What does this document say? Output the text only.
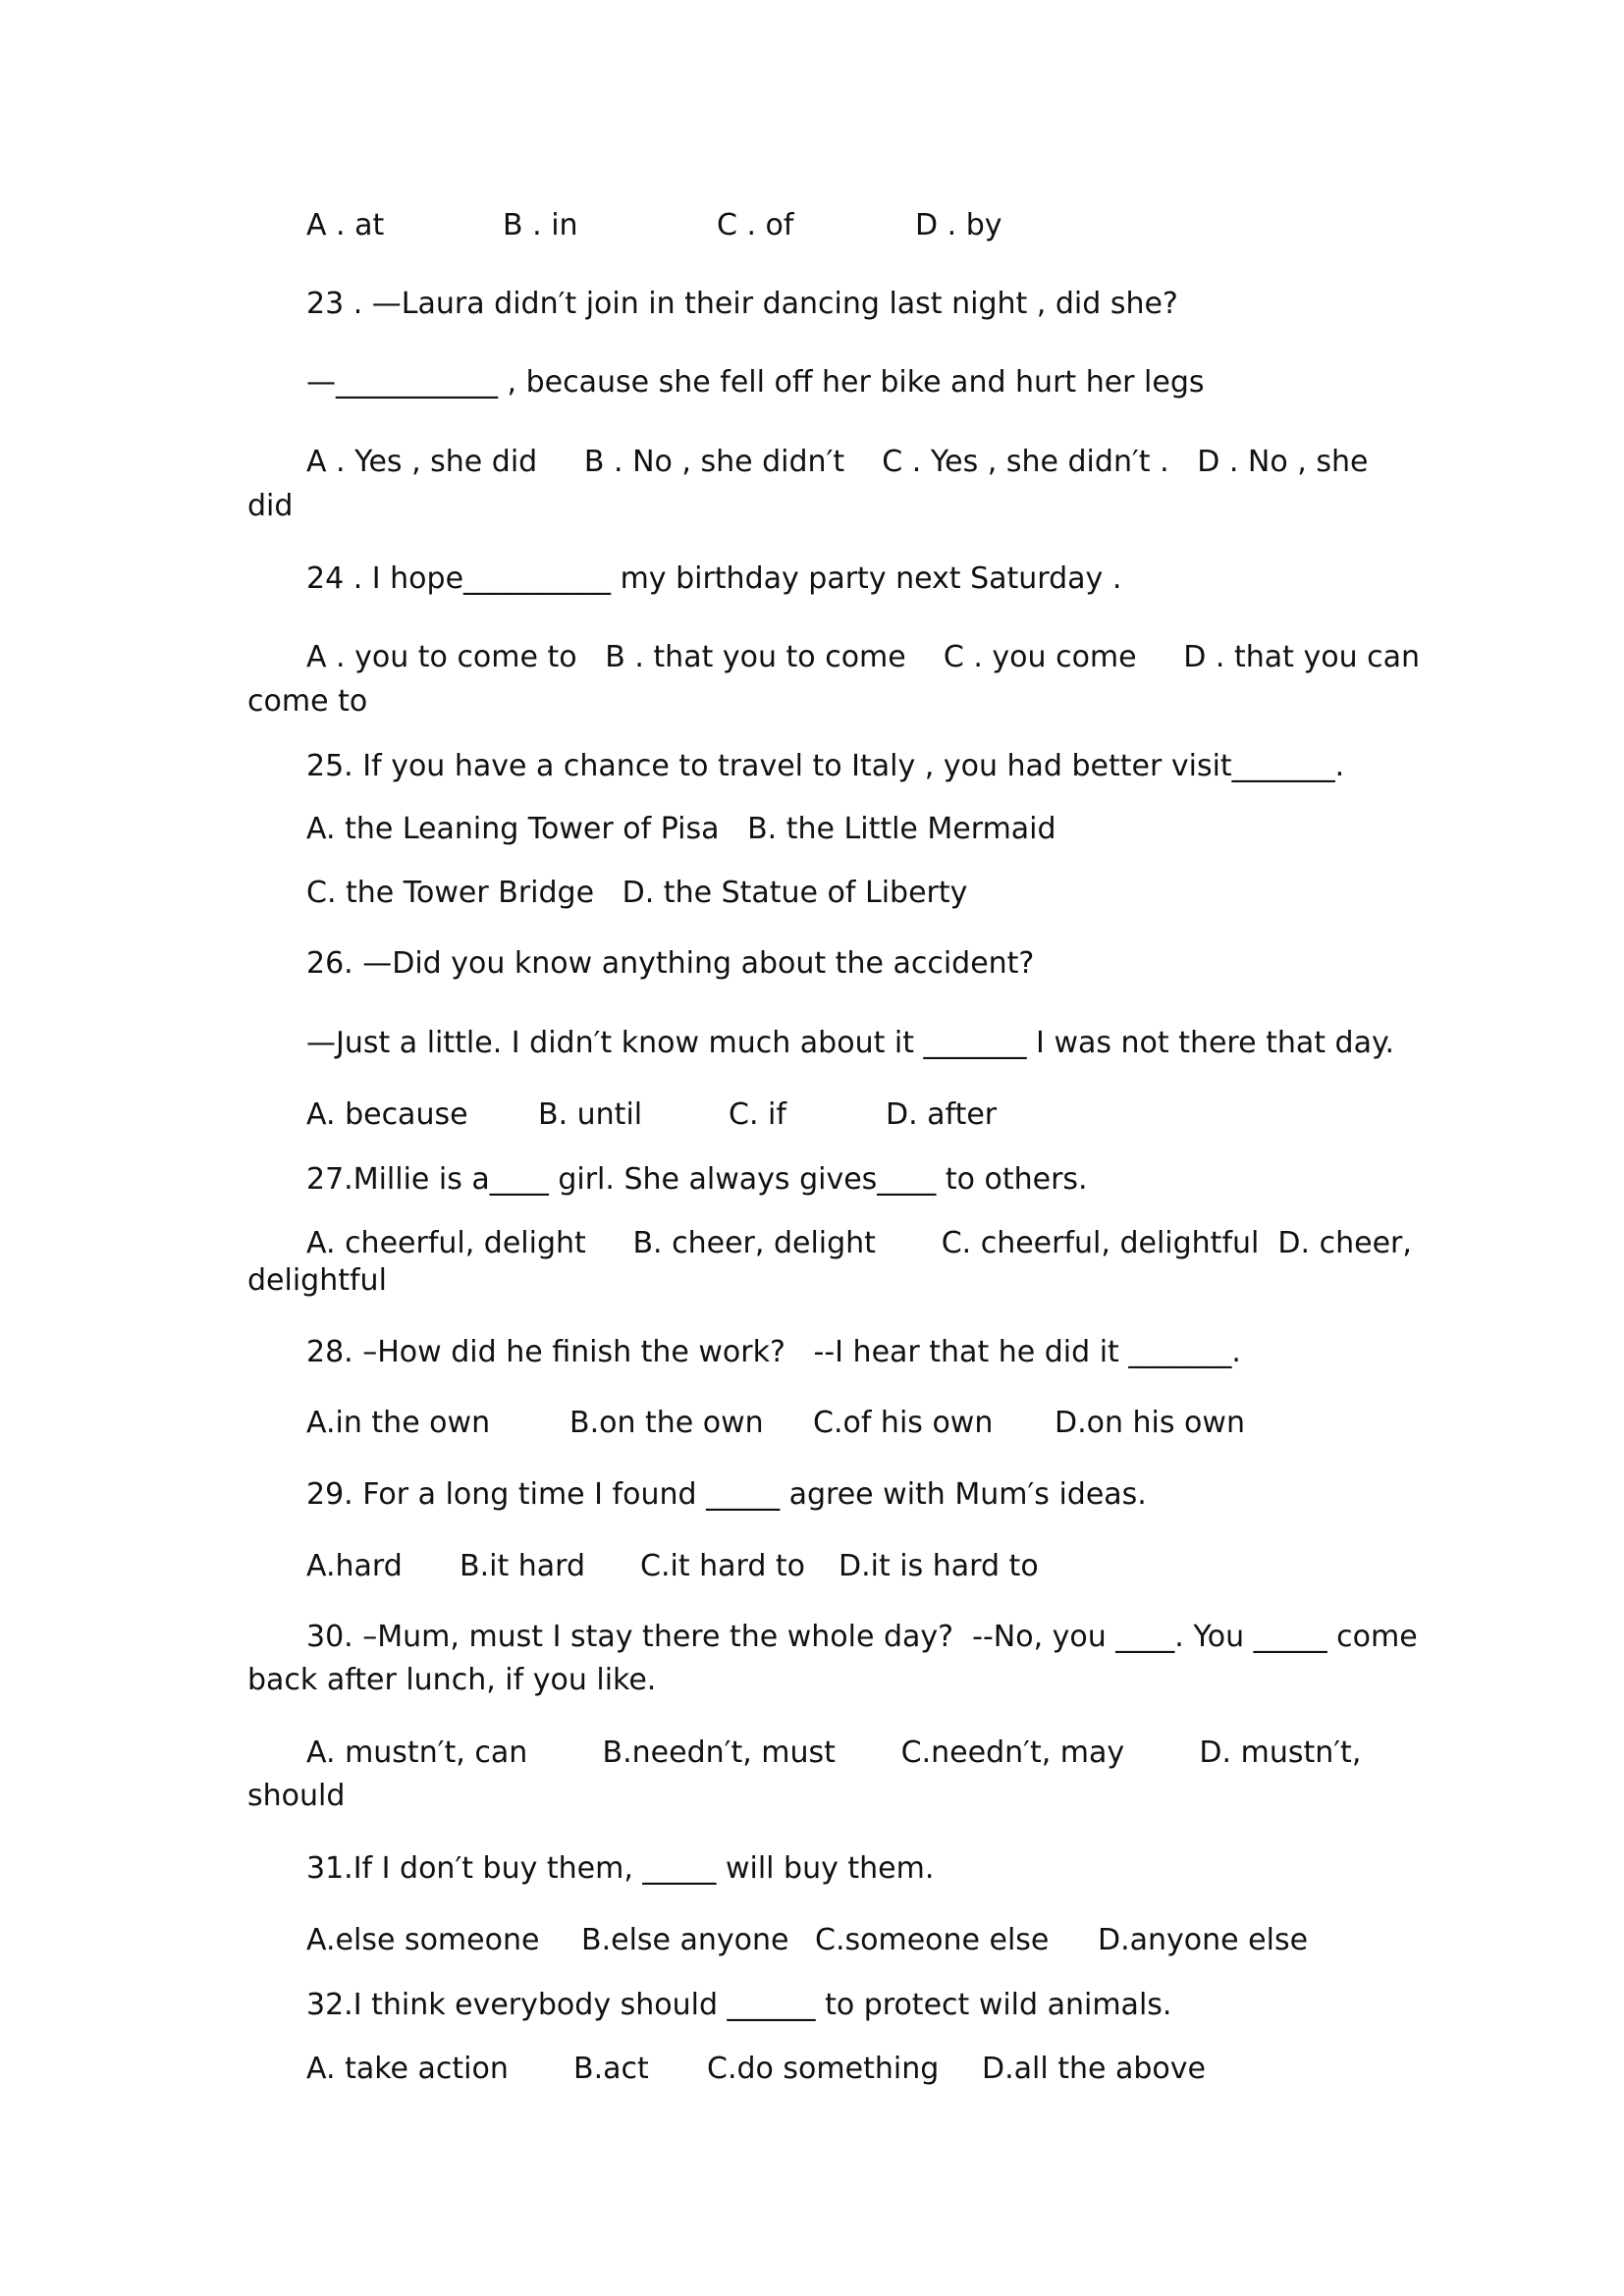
A . at	B . in	C . of	D . by
23 . —Laura didn′t join in their dancing last night , did she?
—___________ , because she fell off her bike and hurt her legs
A . Yes , she did     B . No , she didn′t    C . Yes , she didn′t .   D . No , she
did
24 . I hope__________ my birthday party next Saturday .
A . you to come to   B . that you to come    C . you come     D . that you can
come to
25. If you have a chance to travel to Italy , you had better visit_______.
A. the Leaning Tower of Pisa   B. the Little Mermaid
C. the Tower Bridge   D. the Statue of Liberty
26. —Did you know anything about the accident?
—Just a little. I didn′t know much about it _______ I was not there that day.
A. because B. until	C. if	D. after
27.Millie is a____ girl. She always gives____ to others.
A. cheerful, delight     B. cheer, delight       C. cheerful, delightful  D. cheer,
delightful
28. –How did he finish the work?   --I hear that he did it _______.
A.in the own	B.on the own C.of his own D.on his own
29. For a long time I found _____ agree with Mum′s ideas.
A.hard B.it hard C.it hard to D.it is hard to
30. –Mum, must I stay there the whole day?  --No, you ____. You _____ come
back after lunch, if you like.
A. mustn′t, can        B.needn′t, must       C.needn′t, may        D. mustn′t,
should
31.If I don′t buy them, _____ will buy them.
A.else someone B.else anyone C.someone else D.anyone else
32.I think everybody should ______ to protect wild animals.
A. take action B.act C.do something D.all the above
